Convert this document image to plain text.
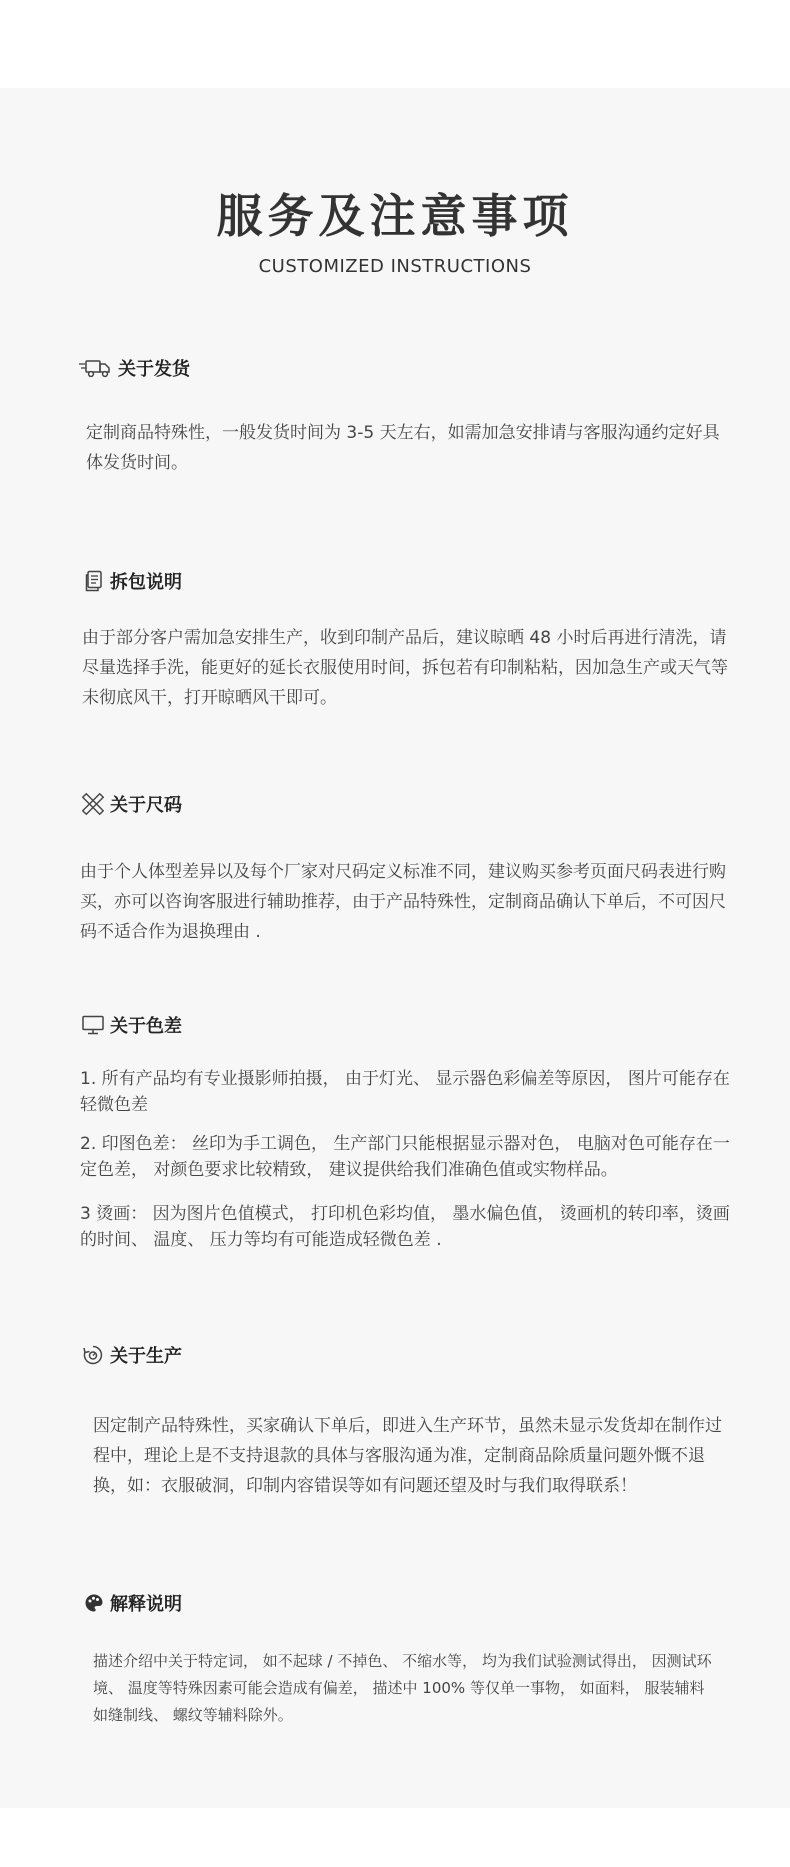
服务及注意事项
CUSTOMIZED INSTRUCTIONS
关于发货

定制商品特殊性，一般发货时间为 3-5 天左右，如需加急安排请与客服沟通约定好具体发货时间。

拆包说明

由于部分客户需加急安排生产，收到印制产品后，建议晾晒 48 小时后再进行清洗，请尽量选择手洗，能更好的延长衣服使用时间，拆包若有印制粘粘，因加急生产或天气等未彻底风干，打开晾晒风干即可。

关于尺码

由于个人体型差异以及每个厂家对尺码定义标准不同，建议购买参考页面尺码表进行购买，亦可以咨询客服进行辅助推荐，由于产品特殊性，定制商品确认下单后，不可因尺码不适合作为退换理由 .

关于色差

1. 所有产品均有专业摄影师拍摄， 由于灯光、 显示器色彩偏差等原因， 图片可能存在轻微色差

2. 印图色差： 丝印为手工调色， 生产部门只能根据显示器对色， 电脑对色可能存在一定色差， 对颜色要求比较精致， 建议提供给我们准确色值或实物样品。

3 烫画： 因为图片色值模式， 打印机色彩均值， 墨水偏色值， 烫画机的转印率，烫画的时间、 温度、 压力等均有可能造成轻微色差 .

关于生产

因定制产品特殊性，买家确认下单后，即进入生产环节，虽然未显示发货却在制作过程中，理论上是不支持退款的具体与客服沟通为准，定制商品除质量问题外慨不退换，如：衣服破洞，印制内容错误等如有问题还望及时与我们取得联系！

解释说明

描述介绍中关于特定词， 如不起球 / 不掉色、 不缩水等， 均为我们试验测试得出， 因测试环境、 温度等特殊因素可能会造成有偏差， 描述中 100% 等仅单一事物， 如面料， 服装辅料如缝制线、 螺纹等辅料除外。
